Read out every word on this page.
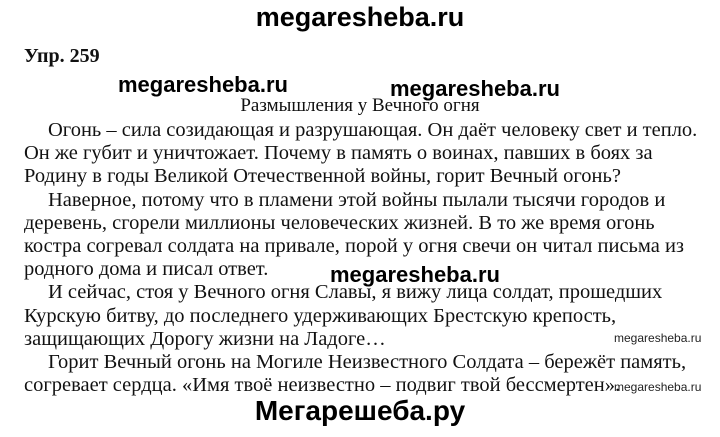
megaresheba.ru
Упр. 259
megaresheba.ru	megaresheba.ru
Размышления у Вечного огня

Огонь – сила созидающая и разрушающая. Он даёт человеку свет и тепло.
Он же губит и уничтожает. Почему в память о воинах, павших в боях за
Родину в годы Великой Отечественной войны, горит Вечный огонь?

Наверное, потому что в пламени этой войны пылали тысячи городов и
деревень, сгорели миллионы человеческих жизней. В то же время огонь
костра согревал солдата на привале, порой у огня свечи он читал письма из
родного дома и писал ответ.

И сейчас, стоя у Вечного огня Славы, я вижу лица солдат, прошедших
Курскую битву, до последнего удерживающих Брестскую крепость,
защищающих Дорогу жизни на Ладоге…

Горит Вечный огонь на Могиле Неизвестного Солдата – бережёт память,
согревает сердца. «Имя твоё неизвестно – подвиг твой бессмертен».

megaresheba.ru
megaresheba.ru
megaresheba.ru
Мегарешеба.ру
